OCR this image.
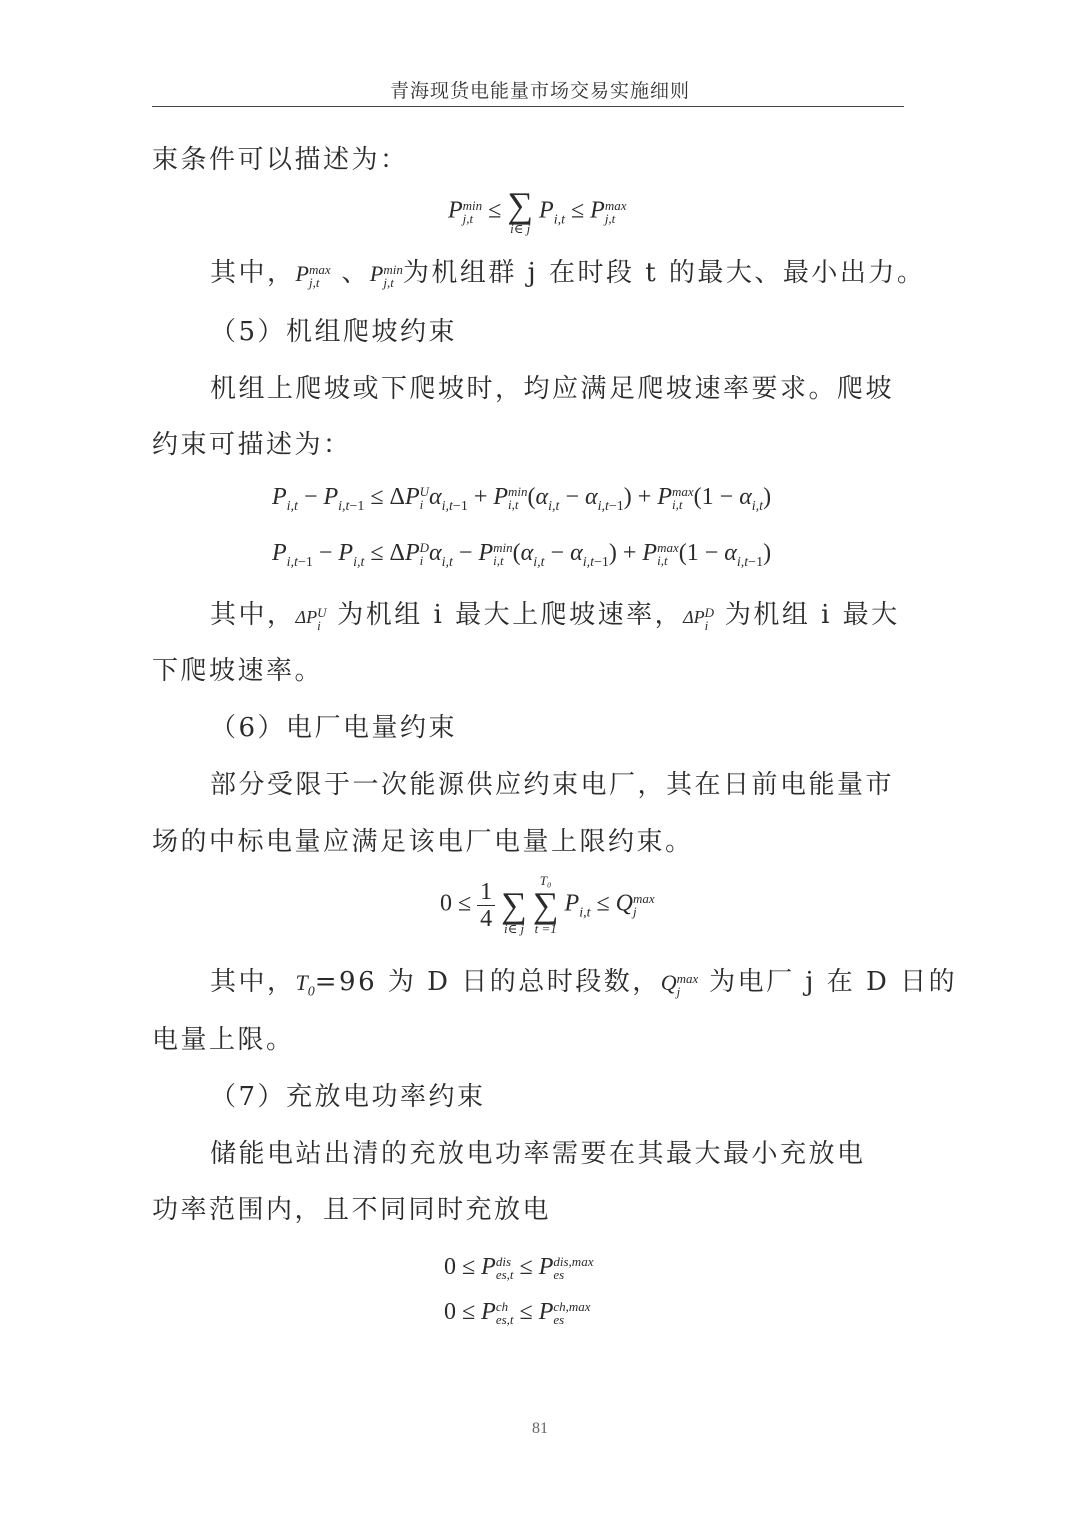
青海现货电能量市场交易实施细则
束条件可以描述为：
P min
j,t ≤ ∑
i∈ j
$P_{i,t} \le P$ max
j,t
其中，P max
j,t 、P min
j,t 为机组群 j 在时段 t 的最大、最小出力。
（5）机组爬坡约束
机组上爬坡或下爬坡时，均应满足爬坡速率要求。爬坡
约束可描述为：
$P_{i,t} - P_{i,t-1} \le \Delta P$ U
i $\alpha_{i,t-1} + P$ min
i,t $(\alpha_{i,t} - \alpha_{i,t-1}) + P$ max
i,t $(1 - \alpha_{i,t})$
$P_{i,t-1} - P_{i,t} \le \Delta P$ D
i $\alpha_{i,t} - P$ min
i,t $(\alpha_{i,t} - \alpha_{i,t-1}) + P$ max
i,t $(1 - \alpha_{i,t-1})$
其中，ΔP U
i 为机组 i 最大上爬坡速率，ΔP D
i 为机组 i 最大
下爬坡速率。
（6）电厂电量约束
部分受限于一次能源供应约束电厂，其在日前电能量市
场的中标电量应满足该电厂电量上限约束。
$0 \le \frac{1}{4}$

∑
i∈ j

T₀
∑
t =1
$P_{i,t} \le Q$ max
j
其中，$T_0=96$ 为 D 日的总时段数，Q max
j	为电厂 j 在 D 日的
电量上限。
（7）充放电功率约束
储能电站出清的充放电功率需要在其最大最小充放电
功率范围内，且不同同时充放电
0 ≤ P dis
es,t ≤ P dis,max
es
0 ≤ P ch
es,t ≤ P ch,max
es
81
